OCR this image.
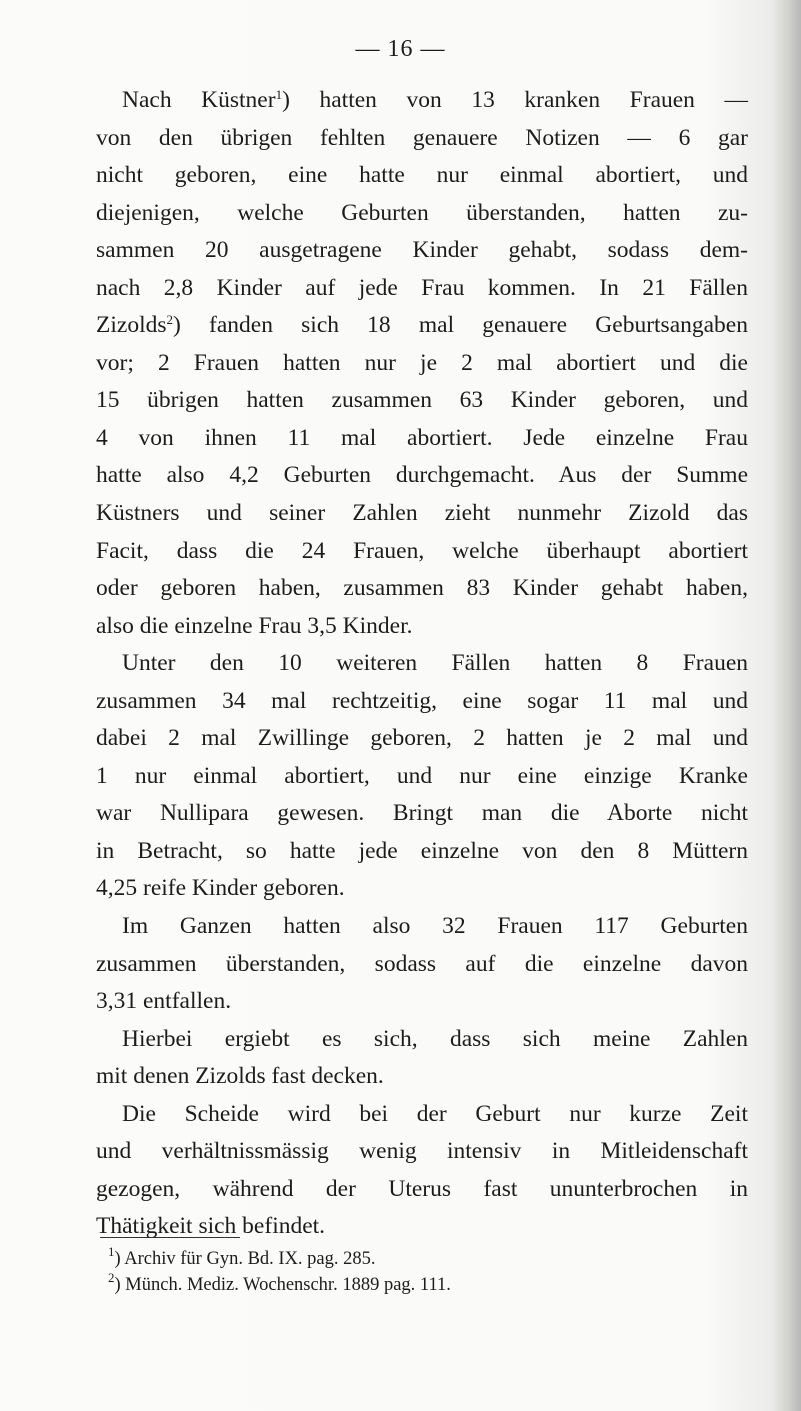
— 16 —
Nach Küstner$^1$) hatten von 13 kranken Frauen —
von den übrigen fehlten genauere Notizen — 6 gar
nicht geboren, eine hatte nur einmal abortiert, und
diejenigen, welche Geburten überstanden, hatten zu-
sammen 20 ausgetragene Kinder gehabt, sodass dem-
nach 2,8 Kinder auf jede Frau kommen. In 21 Fällen
Zizolds$^2$) fanden sich 18 mal genauere Geburtsangaben
vor; 2 Frauen hatten nur je 2 mal abortiert und die
15 übrigen hatten zusammen 63 Kinder geboren, und
4 von ihnen 11 mal abortiert. Jede einzelne Frau
hatte also 4,2 Geburten durchgemacht. Aus der Summe
Küstners und seiner Zahlen zieht nunmehr Zizold das
Facit, dass die 24 Frauen, welche überhaupt abortiert
oder geboren haben, zusammen 83 Kinder gehabt haben,
also die einzelne Frau 3,5 Kinder.
Unter den 10 weiteren Fällen hatten 8 Frauen
zusammen 34 mal rechtzeitig, eine sogar 11 mal und
dabei 2 mal Zwillinge geboren, 2 hatten je 2 mal und
1 nur einmal abortiert, und nur eine einzige Kranke
war Nullipara gewesen. Bringt man die Aborte nicht
in Betracht, so hatte jede einzelne von den 8 Müttern
4,25 reife Kinder geboren.
Im Ganzen hatten also 32 Frauen 117 Geburten
zusammen überstanden, sodass auf die einzelne davon
3,31 entfallen.
Hierbei ergiebt es sich, dass sich meine Zahlen
mit denen Zizolds fast decken.
Die Scheide wird bei der Geburt nur kurze Zeit
und verhältnissmässig wenig intensiv in Mitleidenschaft
gezogen, während der Uterus fast ununterbrochen in
Thätigkeit sich befindet.
$^1$) Archiv für Gyn. Bd. IX. pag. 285.
$^2$) Münch. Mediz. Wochenschr. 1889 pag. 111.
